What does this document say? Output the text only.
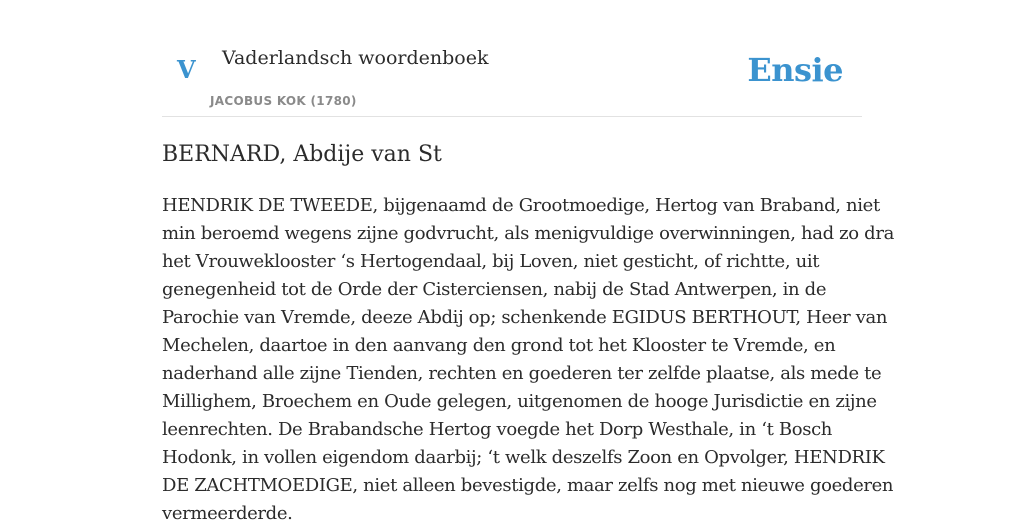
V Vaderlandsch woordenboek
JACOBUS KOK (1780)
Ensie
BERNARD, Abdije van St
HENDRIK DE TWEEDE, bijgenaamd de Grootmoedige, Hertog van Braband, niet
min beroemd wegens zijne godvrucht, als menigvuldige overwinningen, had zo dra
het Vrouweklooster ‘s Hertogendaal, bij Loven, niet gesticht, of richtte, uit
genegenheid tot de Orde der Cisterciensen, nabij de Stad Antwerpen, in de
Parochie van Vremde, deeze Abdij op; schenkende EGIDUS BERTHOUT, Heer van
Mechelen, daartoe in den aanvang den grond tot het Klooster te Vremde, en
naderhand alle zijne Tienden, rechten en goederen ter zelfde plaatse, als mede te
Millighem, Broechem en Oude gelegen, uitgenomen de hooge Jurisdictie en zijne
leenrechten. De Brabandsche Hertog voegde het Dorp Westhale, in ‘t Bosch
Hodonk, in vollen eigendom daarbij; ‘t welk deszelfs Zoon en Opvolger, HENDRIK
DE ZACHTMOEDIGE, niet alleen bevestigde, maar zelfs nog met nieuwe goederen
vermeerderde.
